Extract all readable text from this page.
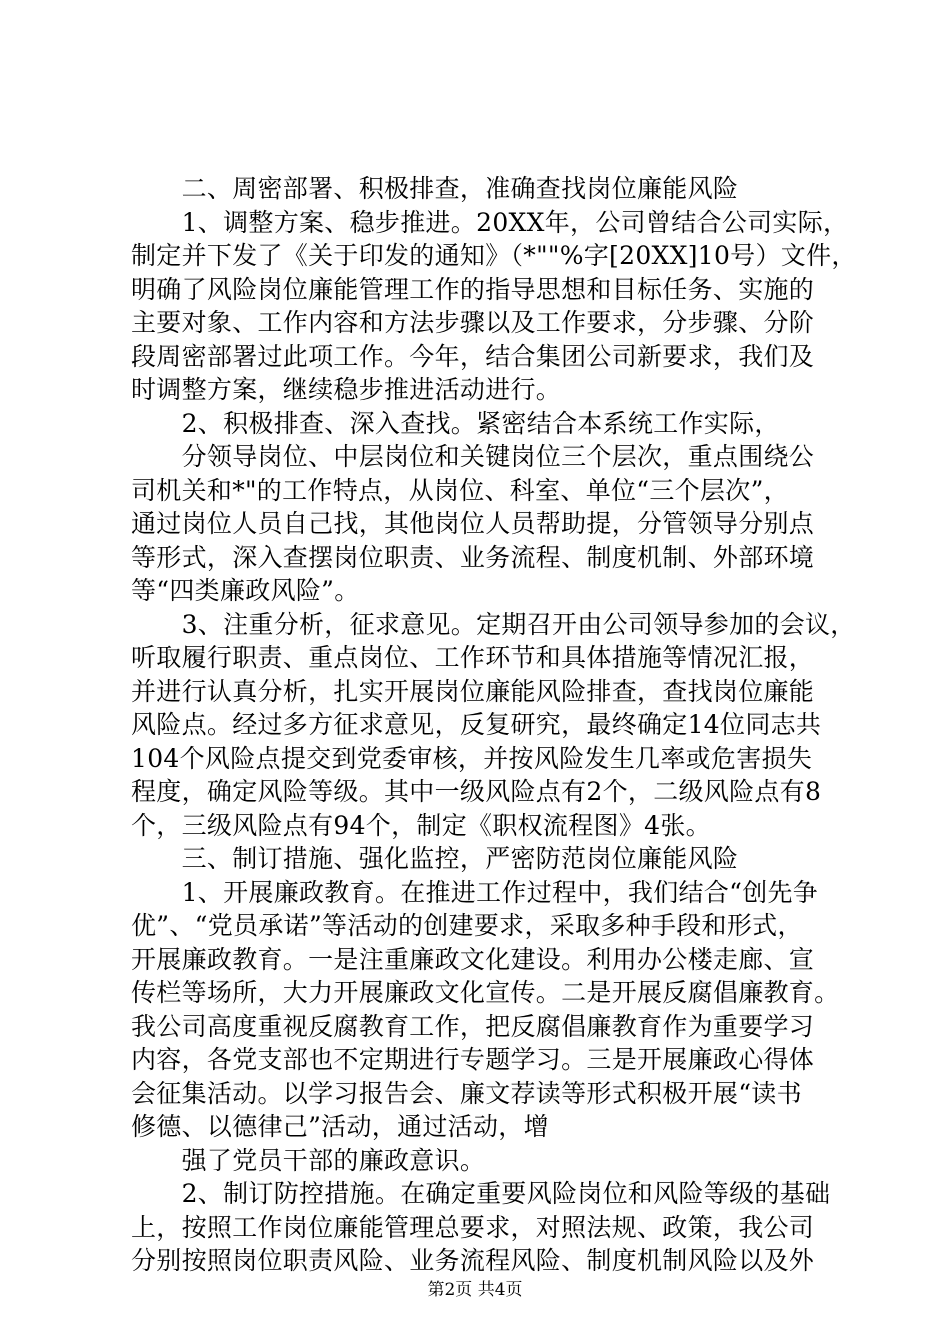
　　二、周密部署、积极排查，准确查找岗位廉能风险
　　1、调整方案、稳步推进。20XX年，公司曾结合公司实际，
制定并下发了《关于印发的通知》（*""%字[20XX]10号）文件，
明确了风险岗位廉能管理工作的指导思想和目标任务、实施的
主要对象、工作内容和方法步骤以及工作要求，分步骤、分阶
段周密部署过此项工作。今年，结合集团公司新要求，我们及
时调整方案，继续稳步推进活动进行。
　　2、积极排查、深入查找。紧密结合本系统工作实际，
　　分领导岗位、中层岗位和关键岗位三个层次，重点围绕公
司机关和*"的工作特点，从岗位、科室、单位“三个层次”，
通过岗位人员自己找，其他岗位人员帮助提，分管领导分别点
等形式，深入查摆岗位职责、业务流程、制度机制、外部环境
等“四类廉政风险”。
　　3、注重分析，征求意见。定期召开由公司领导参加的会议，
听取履行职责、重点岗位、工作环节和具体措施等情况汇报，
并进行认真分析，扎实开展岗位廉能风险排查，查找岗位廉能
风险点。经过多方征求意见，反复研究，最终确定14位同志共
104个风险点提交到党委审核，并按风险发生几率或危害损失
程度，确定风险等级。其中一级风险点有2个，二级风险点有8
个，三级风险点有94个，制定《职权流程图》4张。
　　三、制订措施、强化监控，严密防范岗位廉能风险
　　1、开展廉政教育。在推进工作过程中，我们结合“创先争
优”、“党员承诺”等活动的创建要求，采取多种手段和形式，
开展廉政教育。一是注重廉政文化建设。利用办公楼走廊、宣
传栏等场所，大力开展廉政文化宣传。二是开展反腐倡廉教育。
我公司高度重视反腐教育工作，把反腐倡廉教育作为重要学习
内容，各党支部也不定期进行专题学习。三是开展廉政心得体
会征集活动。以学习报告会、廉文荐读等形式积极开展“读书
修德、以德律己”活动，通过活动，增
　　强了党员干部的廉政意识。
　　2、制订防控措施。在确定重要风险岗位和风险等级的基础
上，按照工作岗位廉能管理总要求，对照法规、政策，我公司
分别按照岗位职责风险、业务流程风险、制度机制风险以及外
第2页 共4页
